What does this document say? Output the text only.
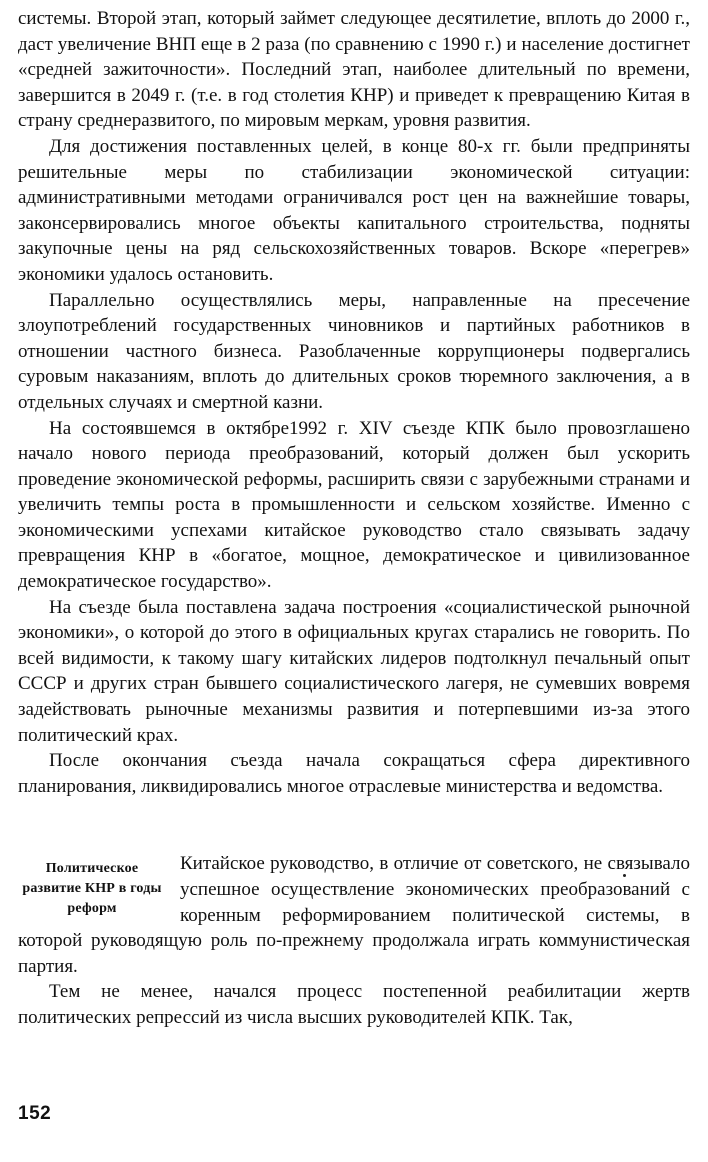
системы. Второй этап, который займет следующее десятилетие, вплоть до 2000 г., даст увеличение ВНП еще в 2 раза (по сравнению с 1990 г.) и население достигнет «средней зажиточности». Последний этап, наиболее длительный по времени, завершится в 2049 г. (т.е. в год столетия КНР) и приведет к превращению Китая в страну среднеразвитого, по мировым меркам, уровня развития.

Для достижения поставленных целей, в конце 80-х гг. были предприняты решительные меры по стабилизации экономической ситуации: административными методами ограничивался рост цен на важнейшие товары, законсервировались многое объекты капитального строительства, подняты закупочные цены на ряд сельскохозяйственных товаров. Вскоре «перегрев» экономики удалось остановить.

Параллельно осуществлялись меры, направленные на пресечение злоупотреблений государственных чиновников и партийных работников в отношении частного бизнеса. Разоблаченные коррупционеры подвергались суровым наказаниям, вплоть до длительных сроков тюремного заключения, а в отдельных случаях и смертной казни.

На состоявшемся в октябре1992 г. XIV съезде КПК было провозглашено начало нового периода преобразований, который должен был ускорить проведение экономической реформы, расширить связи с зарубежными странами и увеличить темпы роста в промышленности и сельском хозяйстве. Именно с экономическими успехами китайское руководство стало связывать задачу превращения КНР в «богатое, мощное, демократическое и цивилизованное демократическое государство».

На съезде была поставлена задача построения «социалистической рыночной экономики», о которой до этого в официальных кругах старались не говорить. По всей видимости, к такому шагу китайских лидеров подтолкнул печальный опыт СССР и других стран бывшего социалистического лагеря, не сумевших вовремя задействовать рыночные механизмы развития и потерпевшими из-за этого политический крах.

После окончания съезда начала сокращаться сфера директивного планирования, ликвидировались многое отраслевые министерства и ведомства.

Политическое развитие КНР в годы реформ

Китайское руководство, в отличие от советского, не связывало успешное осуществление экономических преобразований с коренным реформированием политической системы, в которой руководящую роль по-прежнему продолжала играть коммунистическая партия.

Тем не менее, начался процесс постепенной реабилитации жертв политических репрессий из числа высших руководителей КПК. Так,

152
